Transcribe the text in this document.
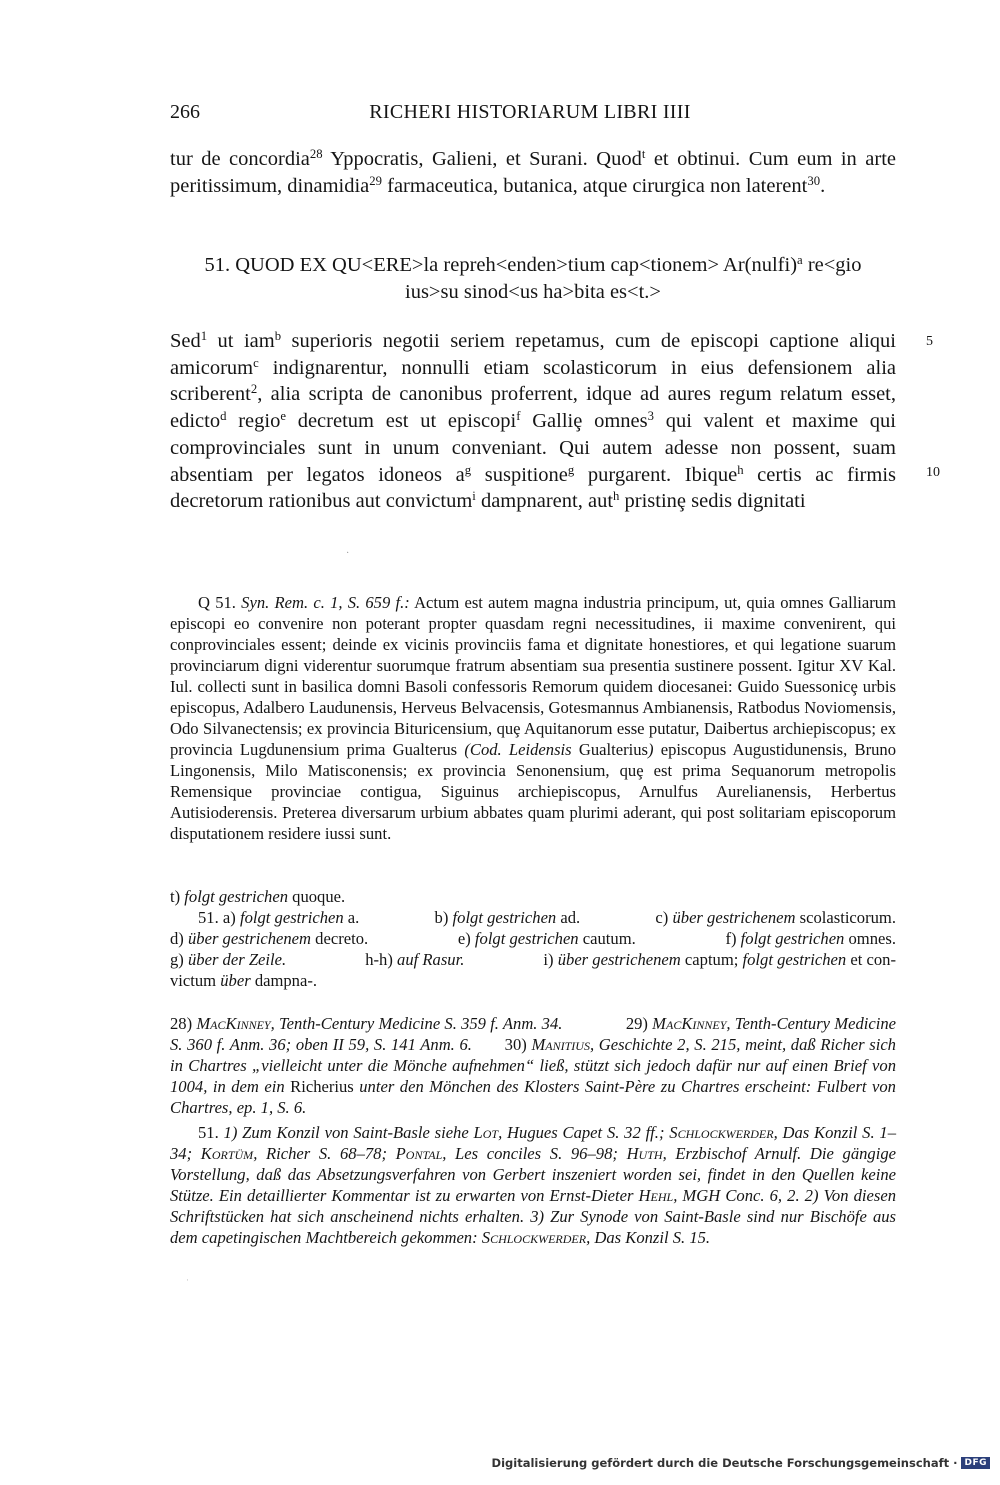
266	RICHERI HISTORIARUM LIBRI IIII
tur de concordia$^{28}$ Yppocratis, Galieni, et Surani. Quod$^t$ et obtinui. Cum eum in arte peritissimum, dinamidia$^{29}$ farmaceutica, butanica, atque cirurgica non laterent$^{30}$.
51. QUOD EX QU<ERE>la repreh<enden>tium cap<tionem> Ar(nulfi)$^a$ re<gio
ius>su sinod<us ha>bita es<t.>
Sed$^1$ ut iam$^b$ superioris negotii seriem repetamus, cum de episcopi captione aliqui amicorum$^c$ indignarentur, nonnulli etiam scolasticorum in eius defensionem alia scriberent$^2$, alia scripta de canonibus proferrent, idque ad aures regum relatum esset, edicto$^d$ regio$^e$ decretum est ut episcopi$^f$ Galliȩ omnes$^3$ qui valent et maxime qui comprovinciales sunt in unum conveniant. Qui autem adesse non possent, suam absentiam per legatos idoneos $a^g$ suspitione$^g$ purgarent. Ibique$^h$ certis ac firmis decretorum rationibus aut convictum$^i$ dampnarent, aut$^h$ pristinȩ sedis dignitati
5
10
·
Q 51. Syn. Rem. c. 1, S. 659 f.: Actum est autem magna industria principum, ut, quia omnes Galliarum episcopi eo convenire non poterant propter quasdam regni necessitudines, ii maxime convenirent, qui conprovinciales essent; deinde ex vicinis provinciis fama et dignitate honestiores, et qui legatione suarum provinciarum digni viderentur suorumque fratrum absentiam sua presentia sustinere possent. Igitur XV Kal. Iul. collecti sunt in basilica domni Basoli confessoris Remorum quidem diocesanei: Guido Suessonicȩ urbis episcopus, Adalbero Laudunensis, Herveus Belvacensis, Gotesmannus Ambianensis, Ratbodus Noviomensis, Odo Silvanectensis; ex provincia Bituricensium, quȩ Aquitanorum esse putatur, Daibertus archiepiscopus; ex provincia Lugdunensium prima Gualterus (Cod. Leidensis Gualterius) episcopus Augustidunensis, Bruno Lingonensis, Milo Matisconensis; ex provincia Senonensium, quȩ est prima Sequanorum metropolis Remensique provinciae contigua, Siguinus archiepiscopus, Arnulfus Aurelianensis, Herbertus Autisioderensis. Preterea diversarum urbium abbates quam plurimi aderant, qui post solitariam episcoporum disputationem residere iussi sunt.
t) folgt gestrichen quoque.
51. a) folgt gestrichen a.	b) folgt gestrichen ad.	c) über gestrichenem scolasticorum.
d) über gestrichenem decreto.	e) folgt gestrichen cautum.	f) folgt gestrichen omnes.
g) über der Zeile.	h-h) auf Rasur.	i) über gestrichenem captum; folgt gestrichen et con-
victum über dampna-.
28) MacKinney, Tenth-Century Medicine S. 359 f. Anm. 34.	29) MacKinney, Tenth-Century Medicine S. 360 f. Anm. 36; oben II 59, S. 141 Anm. 6. 30) Manitius, Geschichte 2, S. 215, meint, daß Richer sich in Chartres „vielleicht unter die Mönche aufnehmen“ ließ, stützt sich jedoch dafür nur auf einen Brief von 1004, in dem ein Richerius unter den Mönchen des Klosters Saint-Père zu Chartres erscheint: Fulbert von Chartres, ep. 1, S. 6.
51. 1) Zum Konzil von Saint-Basle siehe Lot, Hugues Capet S. 32 ff.; Schlockwerder, Das Konzil S. 1–34; Kortüm, Richer S. 68–78; Pontal, Les conciles S. 96–98; Huth, Erzbischof Arnulf. Die gängige Vorstellung, daß das Absetzungsverfahren von Gerbert inszeniert worden sei, findet in den Quellen keine Stütze. Ein detaillierter Kommentar ist zu erwarten von Ernst-Dieter Hehl, MGH Conc. 6, 2. 2) Von diesen Schriftstücken hat sich anscheinend nichts erhalten. 3) Zur Synode von Saint-Basle sind nur Bischöfe aus dem capetingischen Machtbereich gekommen: Schlockwerder, Das Konzil S. 15.
·
Digitalisierung gefördert durch die Deutsche Forschungsgemeinschaft · DFG
